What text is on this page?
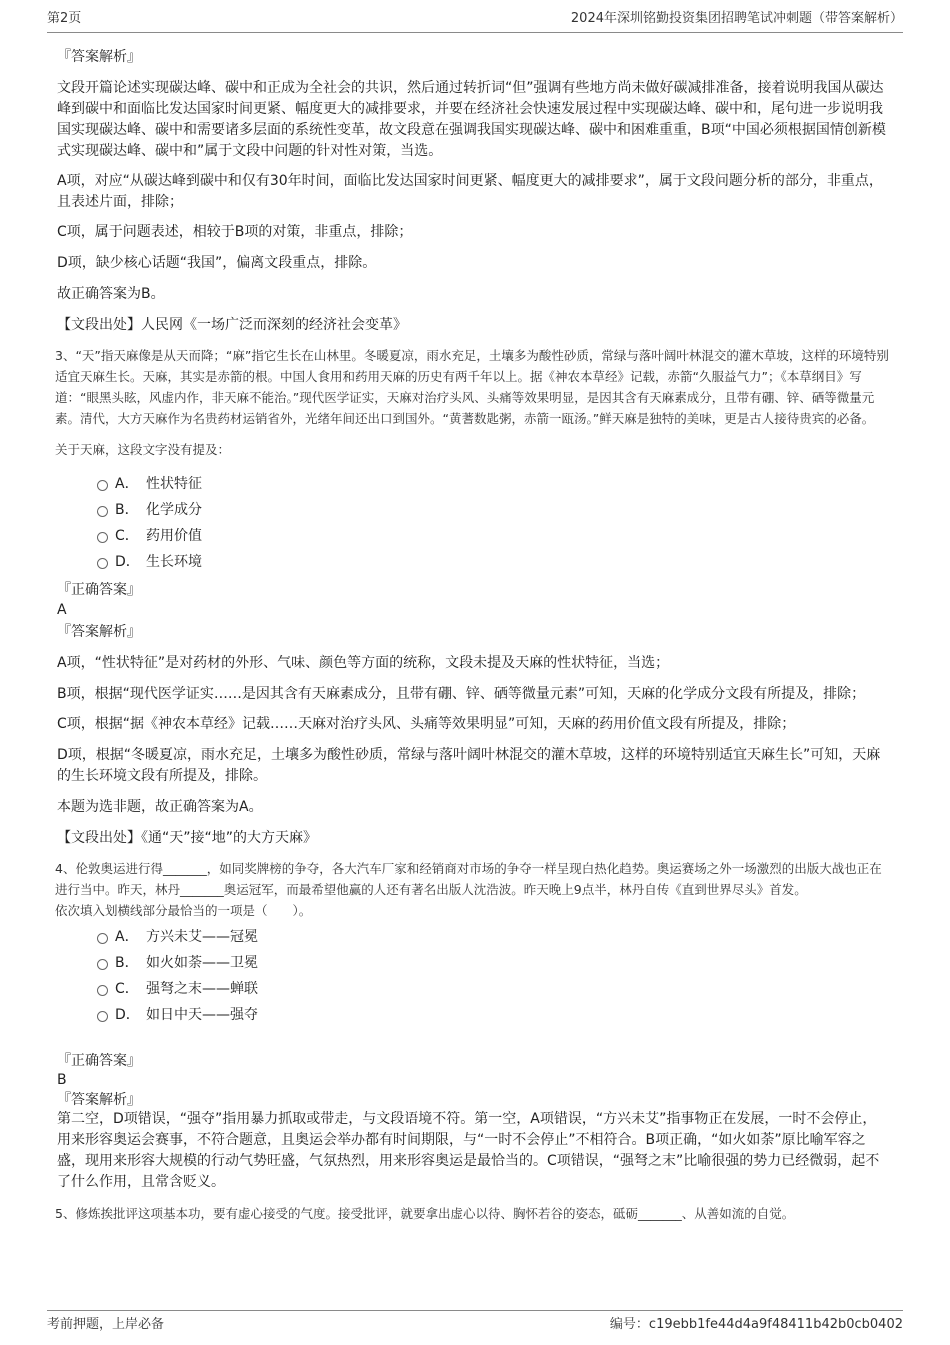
第2页	2024年深圳铭勤投资集团招聘笔试冲刺题（带答案解析）
『答案解析』

文段开篇论述实现碳达峰、碳中和正成为全社会的共识，然后通过转折词“但”强调有些地方尚未做好碳减排准备，接着说明我国从碳达峰到碳中和面临比发达国家时间更紧、幅度更大的减排要求，并要在经济社会快速发展过程中实现碳达峰、碳中和，尾句进一步说明我国实现碳达峰、碳中和需要诸多层面的系统性变革，故文段意在强调我国实现碳达峰、碳中和困难重重，B项“中国必须根据国情创新模式实现碳达峰、碳中和”属于文段中问题的针对性对策，当选。

A项，对应“从碳达峰到碳中和仅有30年时间，面临比发达国家时间更紧、幅度更大的减排要求”，属于文段问题分析的部分，非重点，且表述片面，排除；

C项，属于问题表述，相较于B项的对策，非重点，排除；

D项，缺少核心话题“我国”，偏离文段重点，排除。

故正确答案为B。

【文段出处】人民网《一场广泛而深刻的经济社会变革》

3、“天”指天麻像是从天而降；“麻”指它生长在山林里。冬暖夏凉，雨水充足，土壤多为酸性砂质，常绿与落叶阔叶林混交的灌木草坡，这样的环境特别适宜天麻生长。天麻，其实是赤箭的根。中国人食用和药用天麻的历史有两千年以上。据《神农本草经》记载，赤箭“久服益气力”；《本草纲目》写道：“眼黑头眩，风虚内作，非天麻不能治。”现代医学证实，天麻对治疗头风、头痛等效果明显，是因其含有天麻素成分，且带有硼、锌、硒等微量元素。清代，大方天麻作为名贵药材运销省外，光绪年间还出口到国外。“黄蓍数匙粥，赤箭一瓯汤。”鲜天麻是独特的美味，更是古人接待贵宾的必备。

关于天麻，这段文字没有提及：

A． 性状特征
B． 化学成分
C． 药用价值
D． 生长环境
『正确答案』
A
『答案解析』

A项，“性状特征”是对药材的外形、气味、颜色等方面的统称，文段未提及天麻的性状特征，当选；

B项，根据“现代医学证实……是因其含有天麻素成分，且带有硼、锌、硒等微量元素”可知，天麻的化学成分文段有所提及，排除；

C项，根据“据《神农本草经》记载……天麻对治疗头风、头痛等效果明显”可知，天麻的药用价值文段有所提及，排除；

D项，根据“冬暖夏凉，雨水充足，土壤多为酸性砂质，常绿与落叶阔叶林混交的灌木草坡，这样的环境特别适宜天麻生长”可知，天麻的生长环境文段有所提及，排除。

本题为选非题，故正确答案为A。

【文段出处】《通“天”接“地”的大方天麻》

4、伦敦奥运进行得_______，如同奖牌榜的争夺，各大汽车厂家和经销商对市场的争夺一样呈现白热化趋势。奥运赛场之外一场激烈的出版大战也正在进行当中。昨天，林丹_______奥运冠军，而最希望他赢的人还有著名出版人沈浩波。昨天晚上9点半，林丹自传《直到世界尽头》首发。

依次填入划横线部分最恰当的一项是（　　）。

A． 方兴未艾——冠冕
B． 如火如荼——卫冕
C． 强弩之末——蝉联
D． 如日中天——强夺
『正确答案』
B
『答案解析』

第二空，D项错误，“强夺”指用暴力抓取或带走，与文段语境不符。第一空，A项错误，“方兴未艾”指事物正在发展，一时不会停止，用来形容奥运会赛事，不符合题意，且奥运会举办都有时间期限，与“一时不会停止”不相符合。B项正确，“如火如荼”原比喻军容之盛，现用来形容大规模的行动气势旺盛，气氛热烈，用来形容奥运是最恰当的。C项错误，“强弩之末”比喻很强的势力已经微弱，起不了什么作用，且常含贬义。

5、修炼挨批评这项基本功，要有虚心接受的气度。接受批评，就要拿出虚心以待、胸怀若谷的姿态，砥砺_______、从善如流的自觉。

考前押题，上岸必备	编号：c19ebb1fe44d4a9f48411b42b0cb0402
